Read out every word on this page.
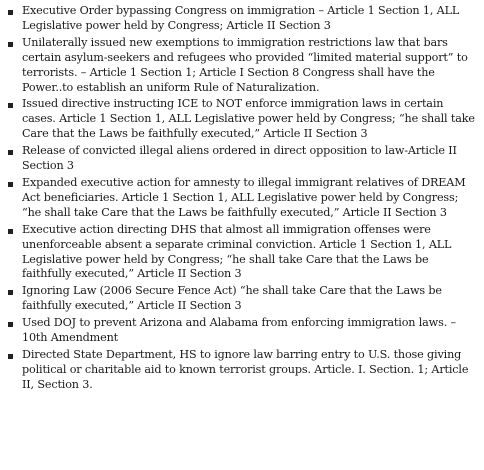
Executive Order bypassing Congress on immigration – Article 1 Section 1, ALL Legislative power held by Congress; Article II Section 3
Unilaterally issued new exemptions to immigration restrictions law that bars certain asylum-seekers and refugees who provided “limited material support” to terrorists. – Article 1 Section 1; Article I Section 8 Congress shall have the Power..to establish an uniform Rule of Naturalization.
Issued directive instructing ICE to NOT enforce immigration laws in certain cases. Article 1 Section 1, ALL Legislative power held by Congress; “he shall take Care that the Laws be faithfully executed,” Article II Section 3
Release of convicted illegal aliens ordered in direct opposition to law-Article II Section 3
Expanded executive action for amnesty to illegal immigrant relatives of DREAM Act beneficiaries. Article 1 Section 1, ALL Legislative power held by Congress; “he shall take Care that the Laws be faithfully executed,” Article II Section 3
Executive action directing DHS that almost all immigration offenses were unenforceable absent a separate criminal conviction. Article 1 Section 1, ALL Legislative power held by Congress; “he shall take Care that the Laws be faithfully executed,” Article II Section 3
Ignoring Law (2006 Secure Fence Act) “he shall take Care that the Laws be faithfully executed,” Article II Section 3
Used DOJ to prevent Arizona and Alabama from enforcing immigration laws. – 10th Amendment
Directed State Department, HS to ignore law barring entry to U.S. those giving political or charitable aid to known terrorist groups. Article. I. Section. 1; Article II, Section 3.
